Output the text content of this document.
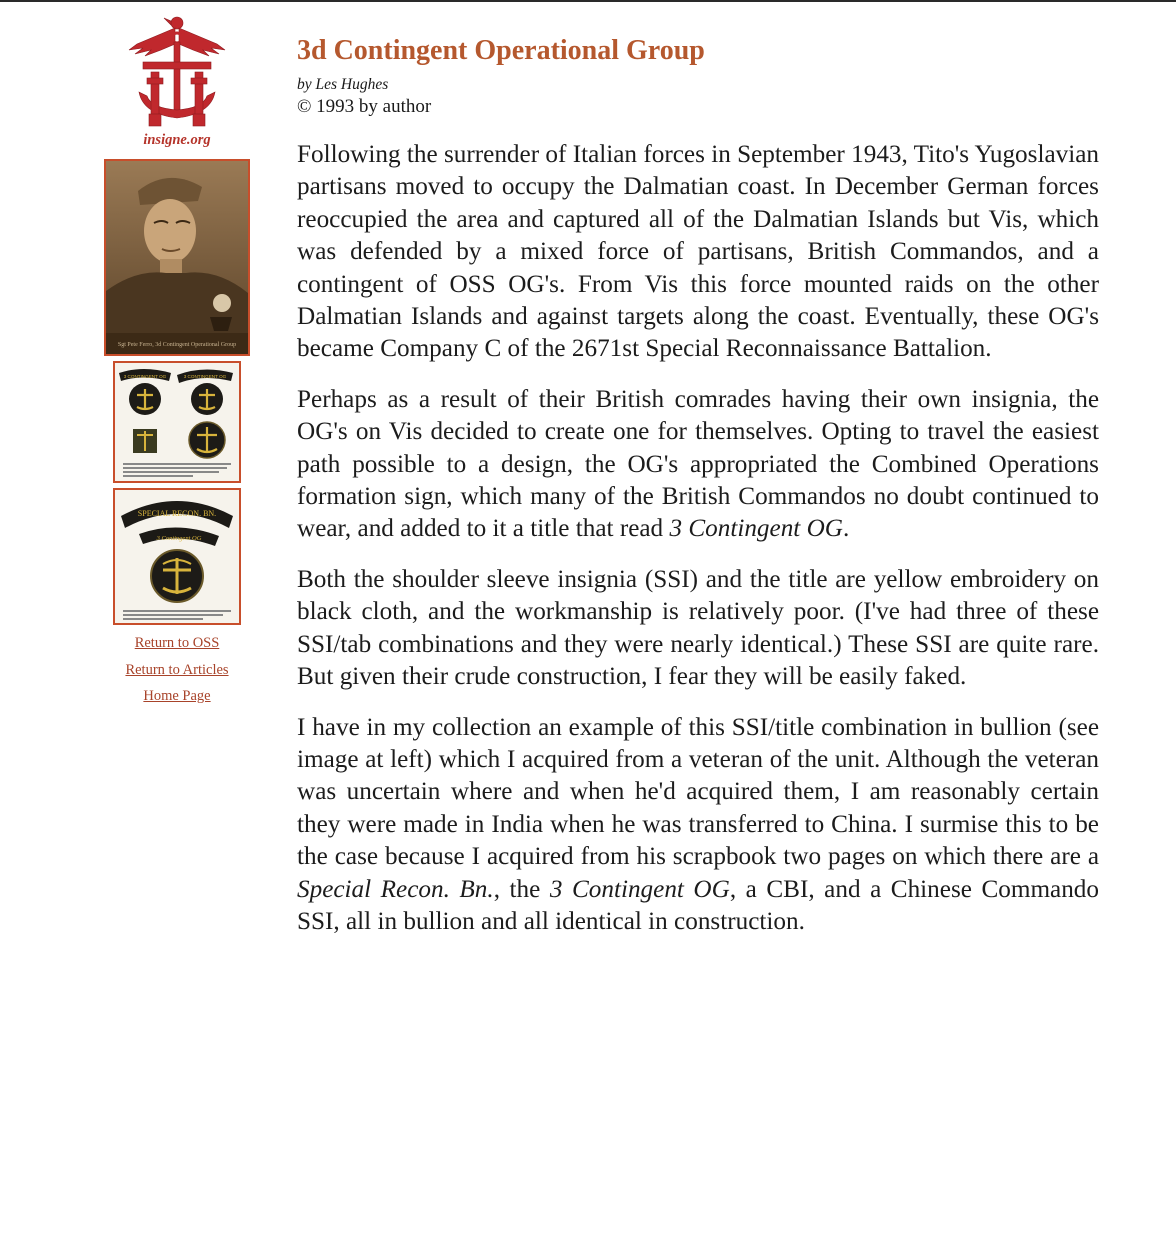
insigne.org
Sgt Pete Ferro, 3d Contingent Operational Group
3 CONTINGENT OG	3 CONTINGENT OG
SPECIAL RECON. BN.
3 Contingent OG
Return to OSS
Return to Articles
Home Page
3d Contingent Operational Group
by Les Hughes
© 1993 by author

Following the surrender of Italian forces in September 1943, Tito's Yugoslavian partisans moved to occupy the Dalmatian coast. In December German forces reoccupied the area and captured all of the Dalmatian Islands but Vis, which was defended by a mixed force of partisans, British Commandos, and a contingent of OSS OG's. From Vis this force mounted raids on the other Dalmatian Islands and against targets along the coast. Eventually, these OG's became Company C of the 2671st Special Reconnaissance Battalion.

Perhaps as a result of their British comrades having their own insignia, the OG's on Vis decided to create one for themselves. Opting to travel the easiest path possible to a design, the OG's appropriated the Combined Operations formation sign, which many of the British Commandos no doubt continued to wear, and added to it a title that read 3 Contingent OG.

Both the shoulder sleeve insignia (SSI) and the title are yellow embroidery on black cloth, and the workmanship is relatively poor. (I've had three of these SSI/tab combinations and they were nearly identical.) These SSI are quite rare. But given their crude construction, I fear they will be easily faked.

I have in my collection an example of this SSI/title combination in bullion (see image at left) which I acquired from a veteran of the unit. Although the veteran was uncertain where and when he'd acquired them, I am reasonably certain they were made in India when he was transferred to China. I surmise this to be the case because I acquired from his scrapbook two pages on which there are a Special Recon. Bn., the 3 Contingent OG, a CBI, and a Chinese Commando SSI, all in bullion and all identical in construction.
